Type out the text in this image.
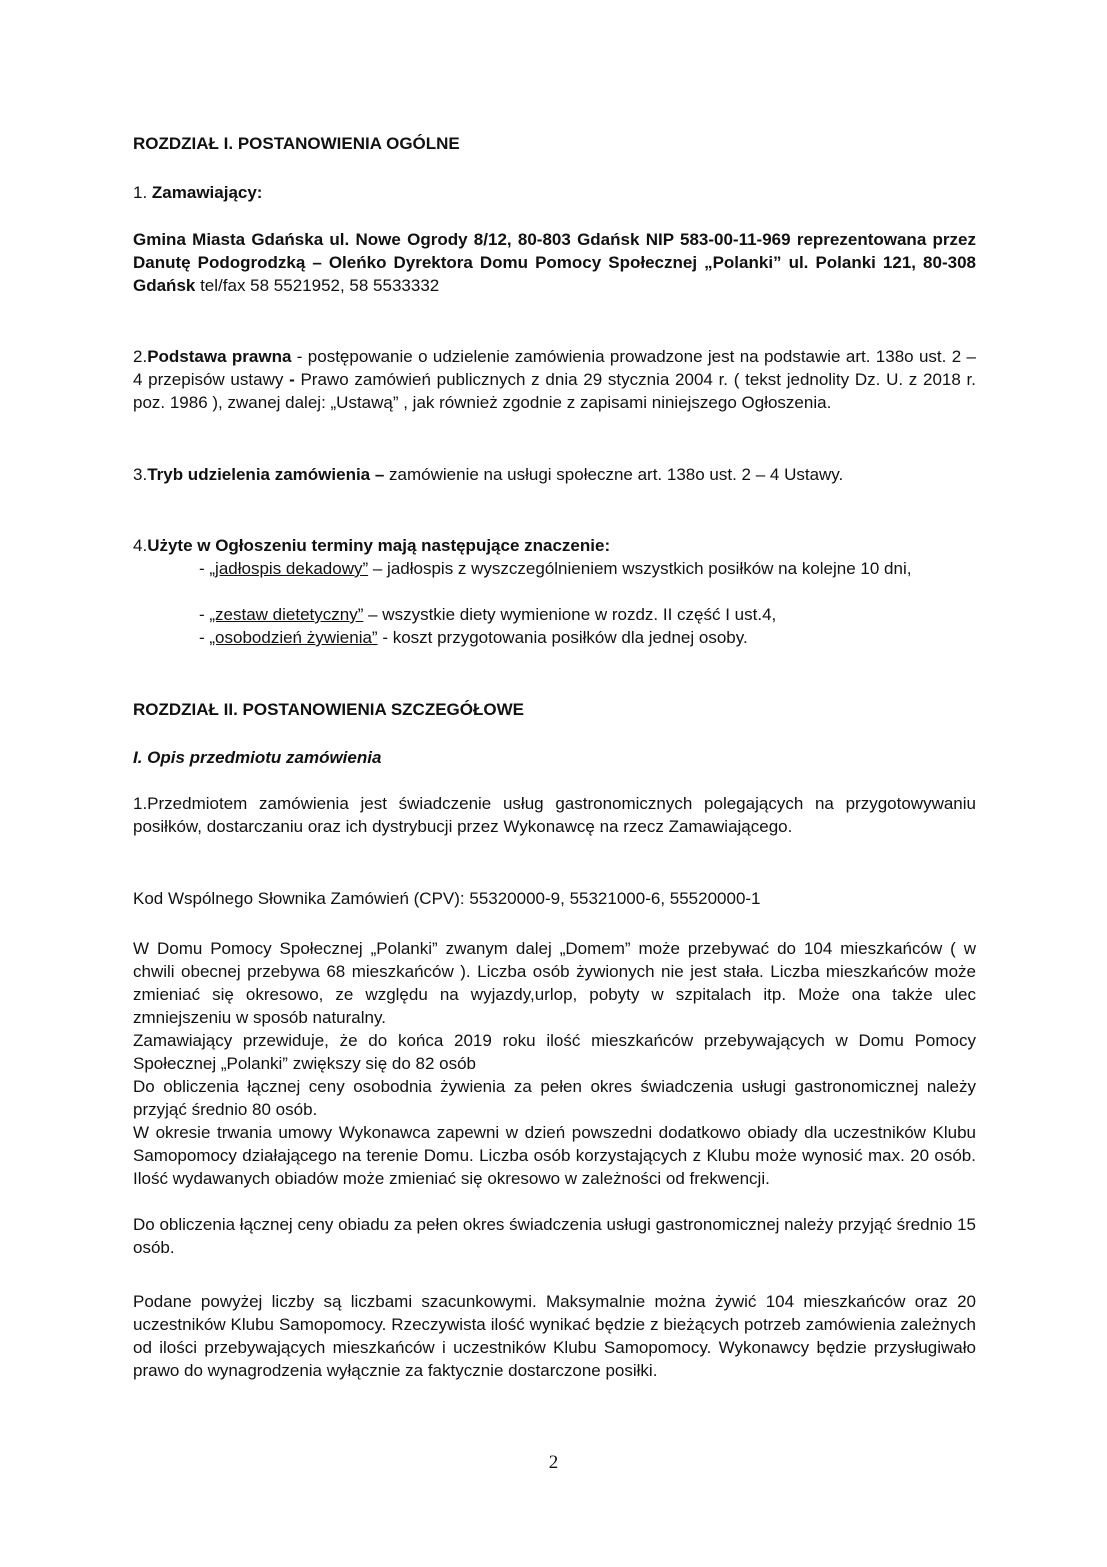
ROZDZIAŁ I. POSTANOWIENIA OGÓLNE

1. Zamawiający:

Gmina Miasta Gdańska ul. Nowe Ogrody 8/12, 80-803 Gdańsk NIP 583-00-11-969 reprezentowana przez Danutę Podogrodzką – Oleńko Dyrektora Domu Pomocy Społecznej „Polanki” ul. Polanki 121, 80-308 Gdańsk tel/fax 58 5521952, 58 5533332

2.Podstawa prawna - postępowanie o udzielenie zamówienia prowadzone jest na podstawie art. 138o ust. 2 – 4 przepisów ustawy - Prawo zamówień publicznych z dnia 29 stycznia 2004 r. ( tekst jednolity Dz. U. z 2018 r. poz. 1986 ), zwanej dalej: „Ustawą” , jak również zgodnie z zapisami niniejszego Ogłoszenia.

3.Tryb udzielenia zamówienia – zamówienie na usługi społeczne art. 138o ust. 2 – 4 Ustawy.

4.Użyte w Ogłoszeniu terminy mają następujące znaczenie:

- „jadłospis dekadowy” – jadłospis z wyszczególnieniem wszystkich posiłków na kolejne 10 dni,

- „zestaw dietetyczny” – wszystkie diety wymienione w rozdz. II część I ust.4,

- „osobodzień żywienia” - koszt przygotowania posiłków dla jednej osoby.

ROZDZIAŁ II. POSTANOWIENIA SZCZEGÓŁOWE

I. Opis przedmiotu zamówienia

1.Przedmiotem zamówienia jest świadczenie usług gastronomicznych polegających na przygotowywaniu posiłków, dostarczaniu oraz ich dystrybucji przez Wykonawcę na rzecz Zamawiającego.

Kod Wspólnego Słownika Zamówień (CPV): 55320000-9, 55321000-6, 55520000-1

W Domu Pomocy Społecznej „Polanki” zwanym dalej „Domem” może przebywać do 104 mieszkańców ( w chwili obecnej przebywa 68 mieszkańców ). Liczba osób żywionych nie jest stała. Liczba mieszkańców może zmieniać się okresowo, ze względu na wyjazdy,urlop, pobyty w szpitalach itp. Może ona także ulec zmniejszeniu w sposób naturalny.

Zamawiający przewiduje, że do końca 2019 roku ilość mieszkańców przebywających w Domu Pomocy Społecznej „Polanki” zwiększy się do 82 osób

Do obliczenia łącznej ceny osobodnia żywienia za pełen okres świadczenia usługi gastronomicznej należy przyjąć średnio 80 osób.

W okresie trwania umowy Wykonawca zapewni w dzień powszedni dodatkowo obiady dla uczestników Klubu Samopomocy działającego na terenie Domu. Liczba osób korzystających z Klubu może wynosić max. 20 osób. Ilość wydawanych obiadów może zmieniać się okresowo w zależności od frekwencji.

Do obliczenia łącznej ceny obiadu za pełen okres świadczenia usługi gastronomicznej należy przyjąć średnio 15 osób.

Podane powyżej liczby są liczbami szacunkowymi. Maksymalnie można żywić 104 mieszkańców oraz 20 uczestników Klubu Samopomocy. Rzeczywista ilość wynikać będzie z bieżących potrzeb zamówienia zależnych od ilości przebywających mieszkańców i uczestników Klubu Samopomocy. Wykonawcy będzie przysługiwało prawo do wynagrodzenia wyłącznie za faktycznie dostarczone posiłki.

2
